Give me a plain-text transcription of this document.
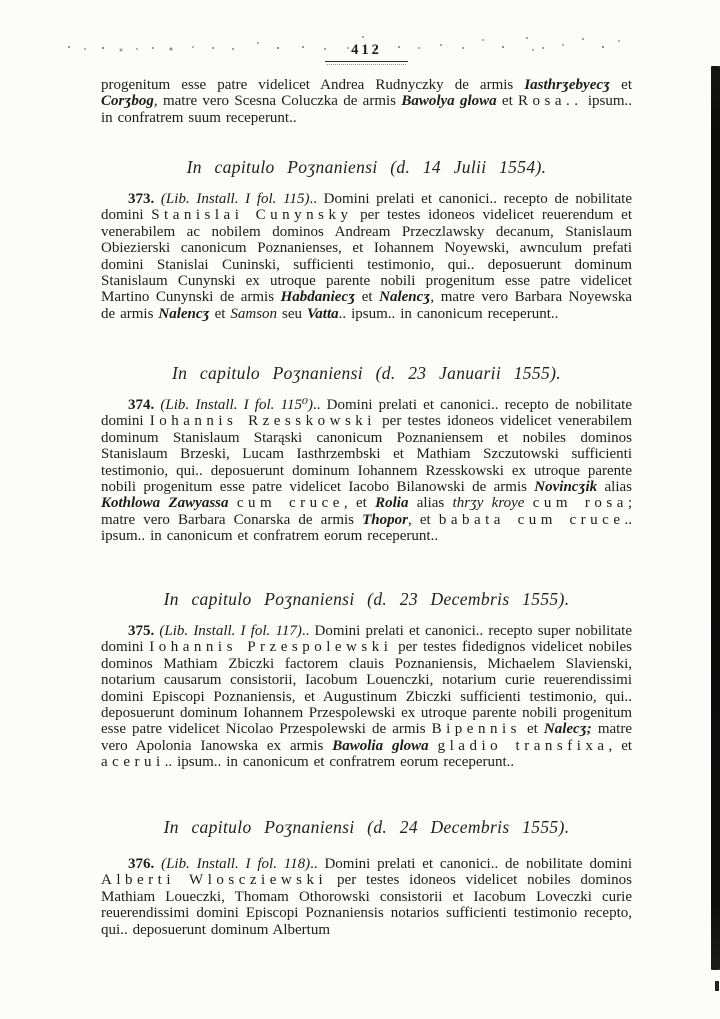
412
progenitum esse patre videlicet Andrea Rudnyczky de armis Iasthrʒebyecʒ et Corʒbog, matre vero Scesna Coluczka de armis Bawolya glowa et Rosa.. ipsum.. in confratrem suum receperunt..
In capitulo Poʒnaniensi (d. 14 Julii 1554).
373. (Lib. Install. I fol. 115).. Domini prelati et canonici.. recepto de nobilitate domini Stanislai Cunynsky per testes idoneos videlicet reuerendum et venerabilem ac nobilem dominos Andream Przeczlawsky decanum, Stanislaum Obiezierski canonicum Poznanienses, et Iohannem Noyewski, awnculum prefati domini Stanislai Cuninski, sufficienti testimonio, qui.. deposuerunt dominum Stanislaum Cunynski ex utroque parente nobili progenitum esse patre videlicet Martino Cunynski de armis Habdaniecʒ et Nalencʒ, matre vero Barbara Noyewska de armis Nalencʒ et Samson seu Vatta.. ipsum.. in canonicum receperunt..
In capitulo Poʒnaniensi (d. 23 Januarii 1555).
374. (Lib. Install. I fol. 115⁰).. Domini prelati et canonici.. recepto de nobilitate domini Iohannis Rzesskowski per testes idoneos videlicet venerabilem dominum Stanislaum Starąski canonicum Poznaniensem et nobiles dominos Stanislaum Brzeski, Lucam Iasthrzembski et Mathiam Szczutowski sufficienti testimonio, qui.. deposuerunt dominum Iohannem Rzesskowski ex utroque parente nobili progenitum esse patre videlicet Iacobo Bilanowski de armis Novincʒik alias Kothlowa Zawyassa cum cruce, et Rolia alias thrʒy kroye cum rosa; matre vero Barbara Conarska de armis Thopor, et babata cum cruce.. ipsum.. in canonicum et confratrem eorum receperunt..
In capitulo Poʒnaniensi (d. 23 Decembris 1555).
375. (Lib. Install. I fol. 117).. Domini prelati et canonici.. recepto super nobilitate domini Iohannis Przespolewski per testes fidedignos videlicet nobiles dominos Mathiam Zbiczki factorem clauis Poznaniensis, Michaelem Slavienski, notarium causarum consistorii, Iacobum Louenczki, notarium curie reuerendissimi domini Episcopi Poznaniensis, et Augustinum Zbiczki sufficienti testimonio, qui.. deposuerunt dominum Iohannem Przespolewski ex utroque parente nobili progenitum esse patre videlicet Nicolao Przespolewski de armis Bipennis et Nalecʒ; matre vero Apolonia Ianowska ex armis Bawolia glowa gladio transfixa, et acerui.. ipsum.. in canonicum et confratrem eorum receperunt..
In capitulo Poʒnaniensi (d. 24 Decembris 1555).
376. (Lib. Install. I fol. 118).. Domini prelati et canonici.. de nobilitate domini Alberti Wloscziewski per testes idoneos videlicet nobiles dominos Mathiam Loueczki, Thomam Othorowski consistorii et Iacobum Loveczki curie reuerendissimi domini Episcopi Poznaniensis notarios sufficienti testimonio recepto, qui.. deposuerunt dominum Albertum
